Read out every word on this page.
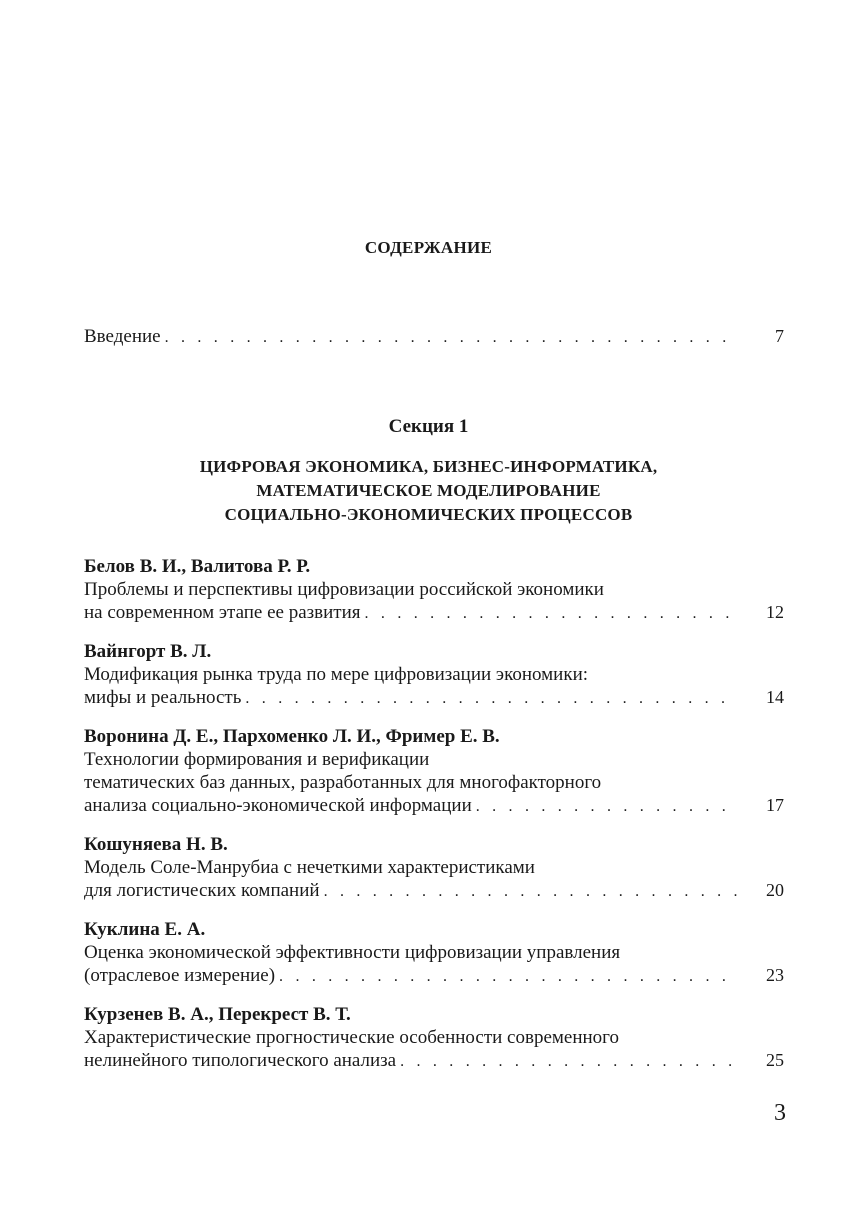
СОДЕРЖАНИЕ
Введение . . .	7
Секция 1
ЦИФРОВАЯ ЭКОНОМИКА, БИЗНЕС-ИНФОРМАТИКА,
МАТЕМАТИЧЕСКОЕ МОДЕЛИРОВАНИЕ
СОЦИАЛЬНО-ЭКОНОМИЧЕСКИХ ПРОЦЕССОВ
Белов В. И., Валитова Р. Р.
Проблемы и перспективы цифровизации российской экономики
на современном этапе ее развития . . .	12
Вайнгорт В. Л.
Модификация рынка труда по мере цифровизации экономики:
мифы и реальность . . .	14
Воронина Д. Е., Пархоменко Л. И., Фример Е. В.
Технологии формирования и верификации
тематических баз данных, разработанных для многофакторного
анализа социально-экономической информации . . .	17
Кошуняева Н. В.
Модель Соле-Манрубиа с нечеткими характеристиками
для логистических компаний . . .	20
Куклина Е. А.
Оценка экономической эффективности цифровизации управления
(отраслевое измерение) . . .	23
Курзенев В. А., Перекрест В. Т.
Характеристические прогностические особенности современного
нелинейного типологического анализа . . .	25
3
